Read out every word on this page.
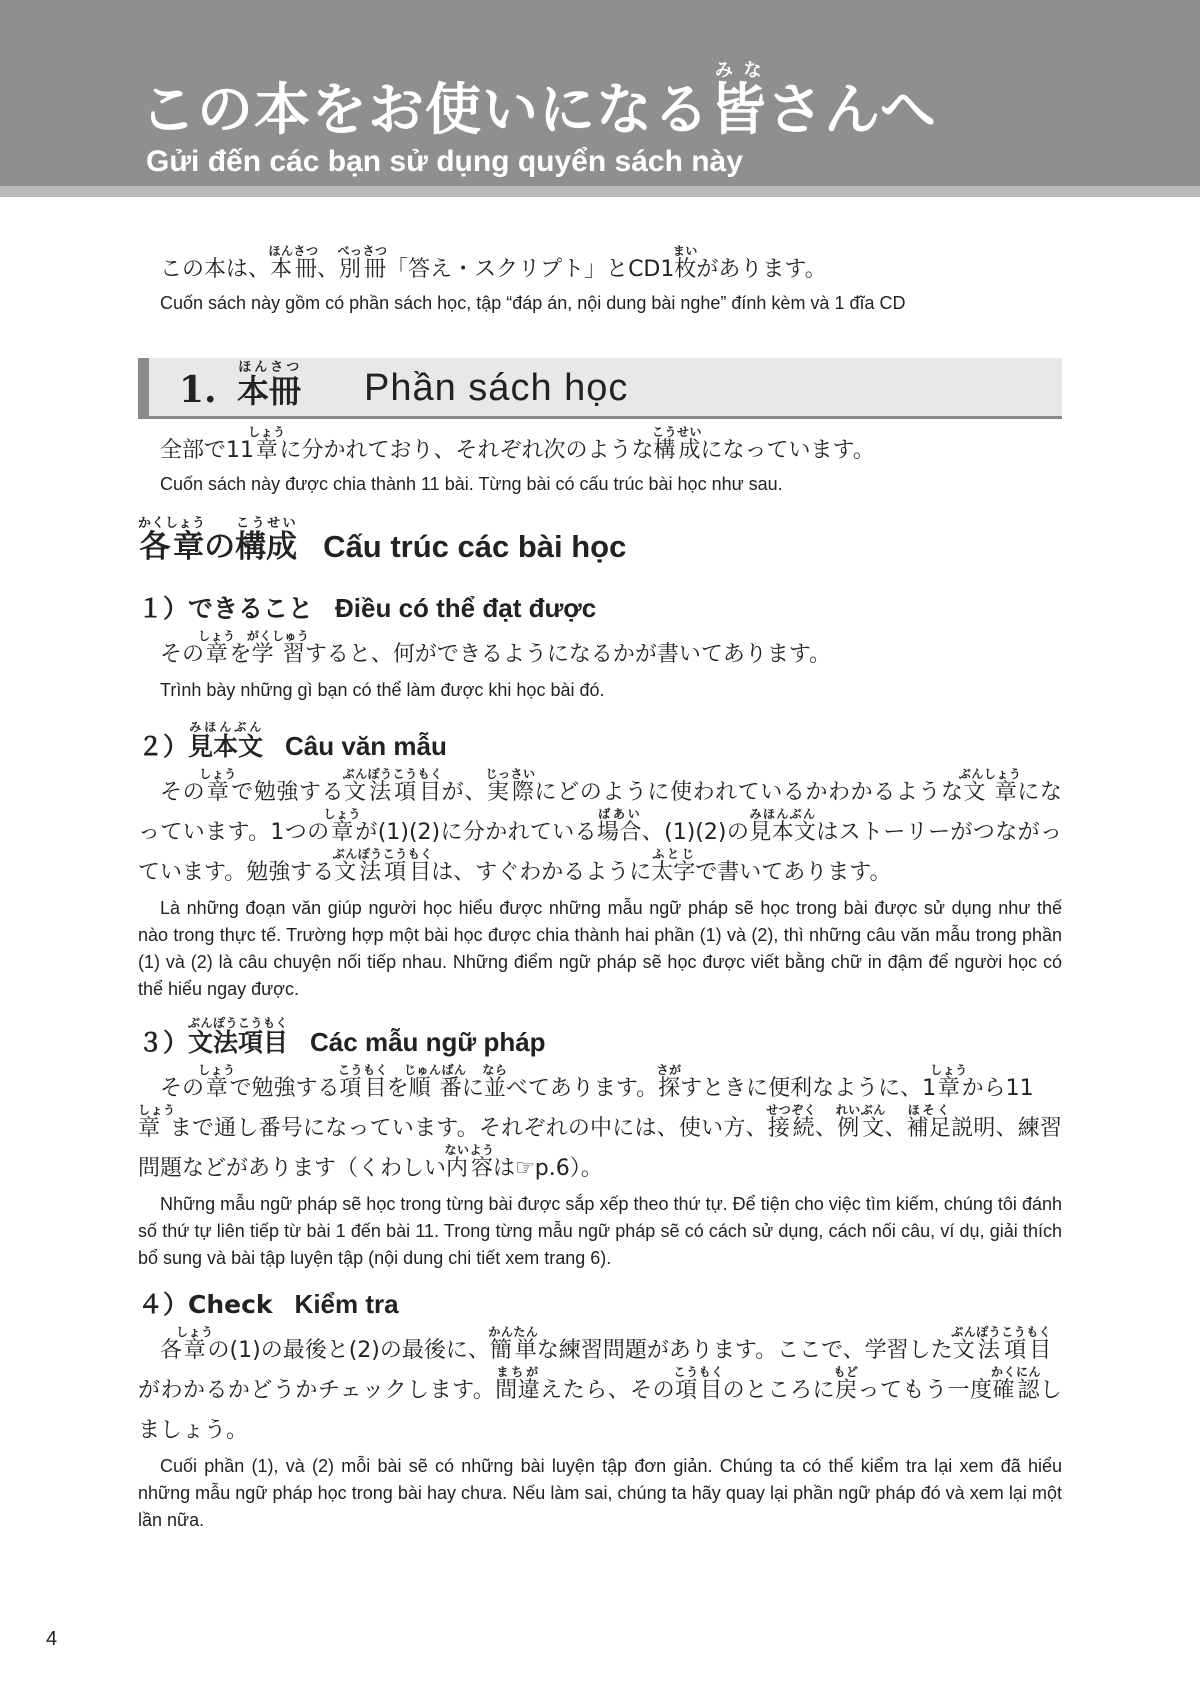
この本をお使いになる皆みなさんへ
Gửi đến các bạn sử dụng quyển sách này
この本は、本冊ほんさつ、別冊べっさつ「答え・スクリプト」とCD1枚まいがあります。
Cuốn sách này gồm có phần sách học, tập “đáp án, nội dung bài nghe” đính kèm và 1 đĩa CD
1. 本冊ほんさつ Phần sách học
全部で11章しょうに分かれており、それぞれ次のような構成こうせいになっています。
Cuốn sách này được chia thành 11 bài. Từng bài có cấu trúc bài học như sau.
各章かくしょうの構成こうせいCấu trúc các bài học
１）できること Điều có thể đạt được

その章しょうを学習がくしゅうすると、何ができるようになるかが書いてあります。

Trình bày những gì bạn có thể làm được khi học bài đó.

２）見本文みほんぶんCâu văn mẫu

その章しょうで勉強する文法項目ぶんぽうこうもくが、実際じっさいにどのように使われているかわかるような文章ぶんしょうになっています。1つの章しょうが(1)(2)に分かれている場合ばあい、(1)(2)の見本文みほんぶんはストーリーがつながっています。勉強する文法項目ぶんぽうこうもくは、すぐわかるように太字ふとじで書いてあります。

Là những đoạn văn giúp người học hiểu được những mẫu ngữ pháp sẽ học trong bài được sử dụng như thế nào trong thực tế. Trường hợp một bài học được chia thành hai phần (1) và (2), thì những câu văn mẫu trong phần (1) và (2) là câu chuyện nối tiếp nhau. Những điểm ngữ pháp sẽ học được viết bằng chữ in đậm để người học có thể hiểu ngay được.

３）文法項目ぶんぽうこうもくCác mẫu ngữ pháp

その章しょうで勉強する項目こうもくを順番じゅんばんに並ならべてあります。探さがすときに便利なように、1章しょうから11章しょうまで通し番号になっています。それぞれの中には、使い方、接続せつぞく、例文れいぶん、補足ほそく説明、練習問題などがあります（くわしい内容ないようは☞p.6）。

Những mẫu ngữ pháp sẽ học trong từng bài được sắp xếp theo thứ tự. Để tiện cho việc tìm kiếm, chúng tôi đánh số thứ tự liên tiếp từ bài 1 đến bài 11. Trong từng mẫu ngữ pháp sẽ có cách sử dụng, cách nối câu, ví dụ, giải thích bổ sung và bài tập luyện tập (nội dung chi tiết xem trang 6).

４）Check Kiểm tra

各章しょうの(1)の最後と(2)の最後に、簡単かんたんな練習問題があります。ここで、学習した文法ぶんぽう項目こうもくがわかるかどうかチェックします。間違まちがえたら、その項目こうもくのところに戻もどってもう一度確認かくにんしましょう。

Cuối phần (1), và (2) mỗi bài sẽ có những bài luyện tập đơn giản. Chúng ta có thể kiểm tra lại xem đã hiểu những mẫu ngữ pháp học trong bài hay chưa. Nếu làm sai, chúng ta hãy quay lại phần ngữ pháp đó và xem lại một lần nữa.

4
